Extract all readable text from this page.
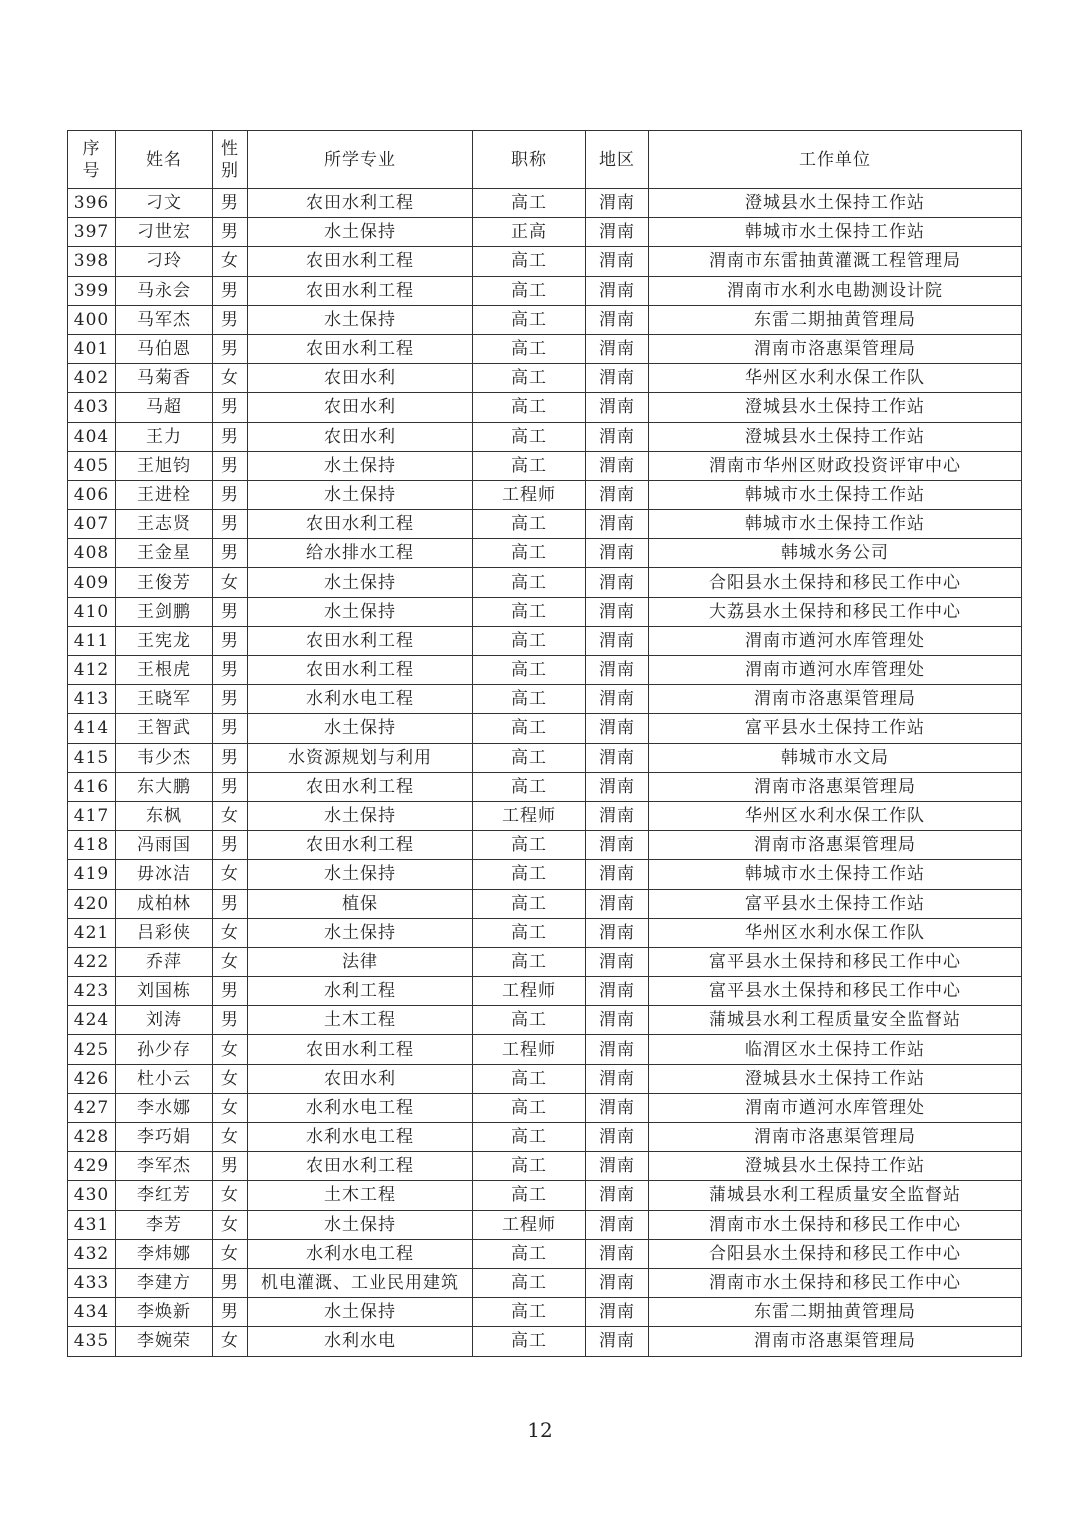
序号	姓名	性别	所学专业	职称	地区	工作单位
396	刁文	男	农田水利工程	高工	渭南	澄城县水土保持工作站
397	刁世宏	男	水土保持	正高	渭南	韩城市水土保持工作站
398	刁玲	女	农田水利工程	高工	渭南	渭南市东雷抽黄灌溉工程管理局
399	马永会	男	农田水利工程	高工	渭南	渭南市水利水电勘测设计院
400	马军杰	男	水土保持	高工	渭南	东雷二期抽黄管理局
401	马伯恩	男	农田水利工程	高工	渭南	渭南市洛惠渠管理局
402	马菊香	女	农田水利	高工	渭南	华州区水利水保工作队
403	马超	男	农田水利	高工	渭南	澄城县水土保持工作站
404	王力	男	农田水利	高工	渭南	澄城县水土保持工作站
405	王旭钧	男	水土保持	高工	渭南	渭南市华州区财政投资评审中心
406	王进栓	男	水土保持	工程师	渭南	韩城市水土保持工作站
407	王志贤	男	农田水利工程	高工	渭南	韩城市水土保持工作站
408	王金星	男	给水排水工程	高工	渭南	韩城水务公司
409	王俊芳	女	水土保持	高工	渭南	合阳县水土保持和移民工作中心
410	王剑鹏	男	水土保持	高工	渭南	大荔县水土保持和移民工作中心
411	王宪龙	男	农田水利工程	高工	渭南	渭南市遒河水库管理处
412	王根虎	男	农田水利工程	高工	渭南	渭南市遒河水库管理处
413	王晓军	男	水利水电工程	高工	渭南	渭南市洛惠渠管理局
414	王智武	男	水土保持	高工	渭南	富平县水土保持工作站
415	韦少杰	男	水资源规划与利用	高工	渭南	韩城市水文局
416	东大鹏	男	农田水利工程	高工	渭南	渭南市洛惠渠管理局
417	东枫	女	水土保持	工程师	渭南	华州区水利水保工作队
418	冯雨国	男	农田水利工程	高工	渭南	渭南市洛惠渠管理局
419	毋冰洁	女	水土保持	高工	渭南	韩城市水土保持工作站
420	成柏林	男	植保	高工	渭南	富平县水土保持工作站
421	吕彩侠	女	水土保持	高工	渭南	华州区水利水保工作队
422	乔萍	女	法律	高工	渭南	富平县水土保持和移民工作中心
423	刘国栋	男	水利工程	工程师	渭南	富平县水土保持和移民工作中心
424	刘涛	男	土木工程	高工	渭南	蒲城县水利工程质量安全监督站
425	孙少存	女	农田水利工程	工程师	渭南	临渭区水土保持工作站
426	杜小云	女	农田水利	高工	渭南	澄城县水土保持工作站
427	李水娜	女	水利水电工程	高工	渭南	渭南市遒河水库管理处
428	李巧娟	女	水利水电工程	高工	渭南	渭南市洛惠渠管理局
429	李军杰	男	农田水利工程	高工	渭南	澄城县水土保持工作站
430	李红芳	女	土木工程	高工	渭南	蒲城县水利工程质量安全监督站
431	李芳	女	水土保持	工程师	渭南	渭南市水土保持和移民工作中心
432	李炜娜	女	水利水电工程	高工	渭南	合阳县水土保持和移民工作中心
433	李建方	男	机电灌溉、工业民用建筑	高工	渭南	渭南市水土保持和移民工作中心
434	李焕新	男	水土保持	高工	渭南	东雷二期抽黄管理局
435	李婉荣	女	水利水电	高工	渭南	渭南市洛惠渠管理局
12
